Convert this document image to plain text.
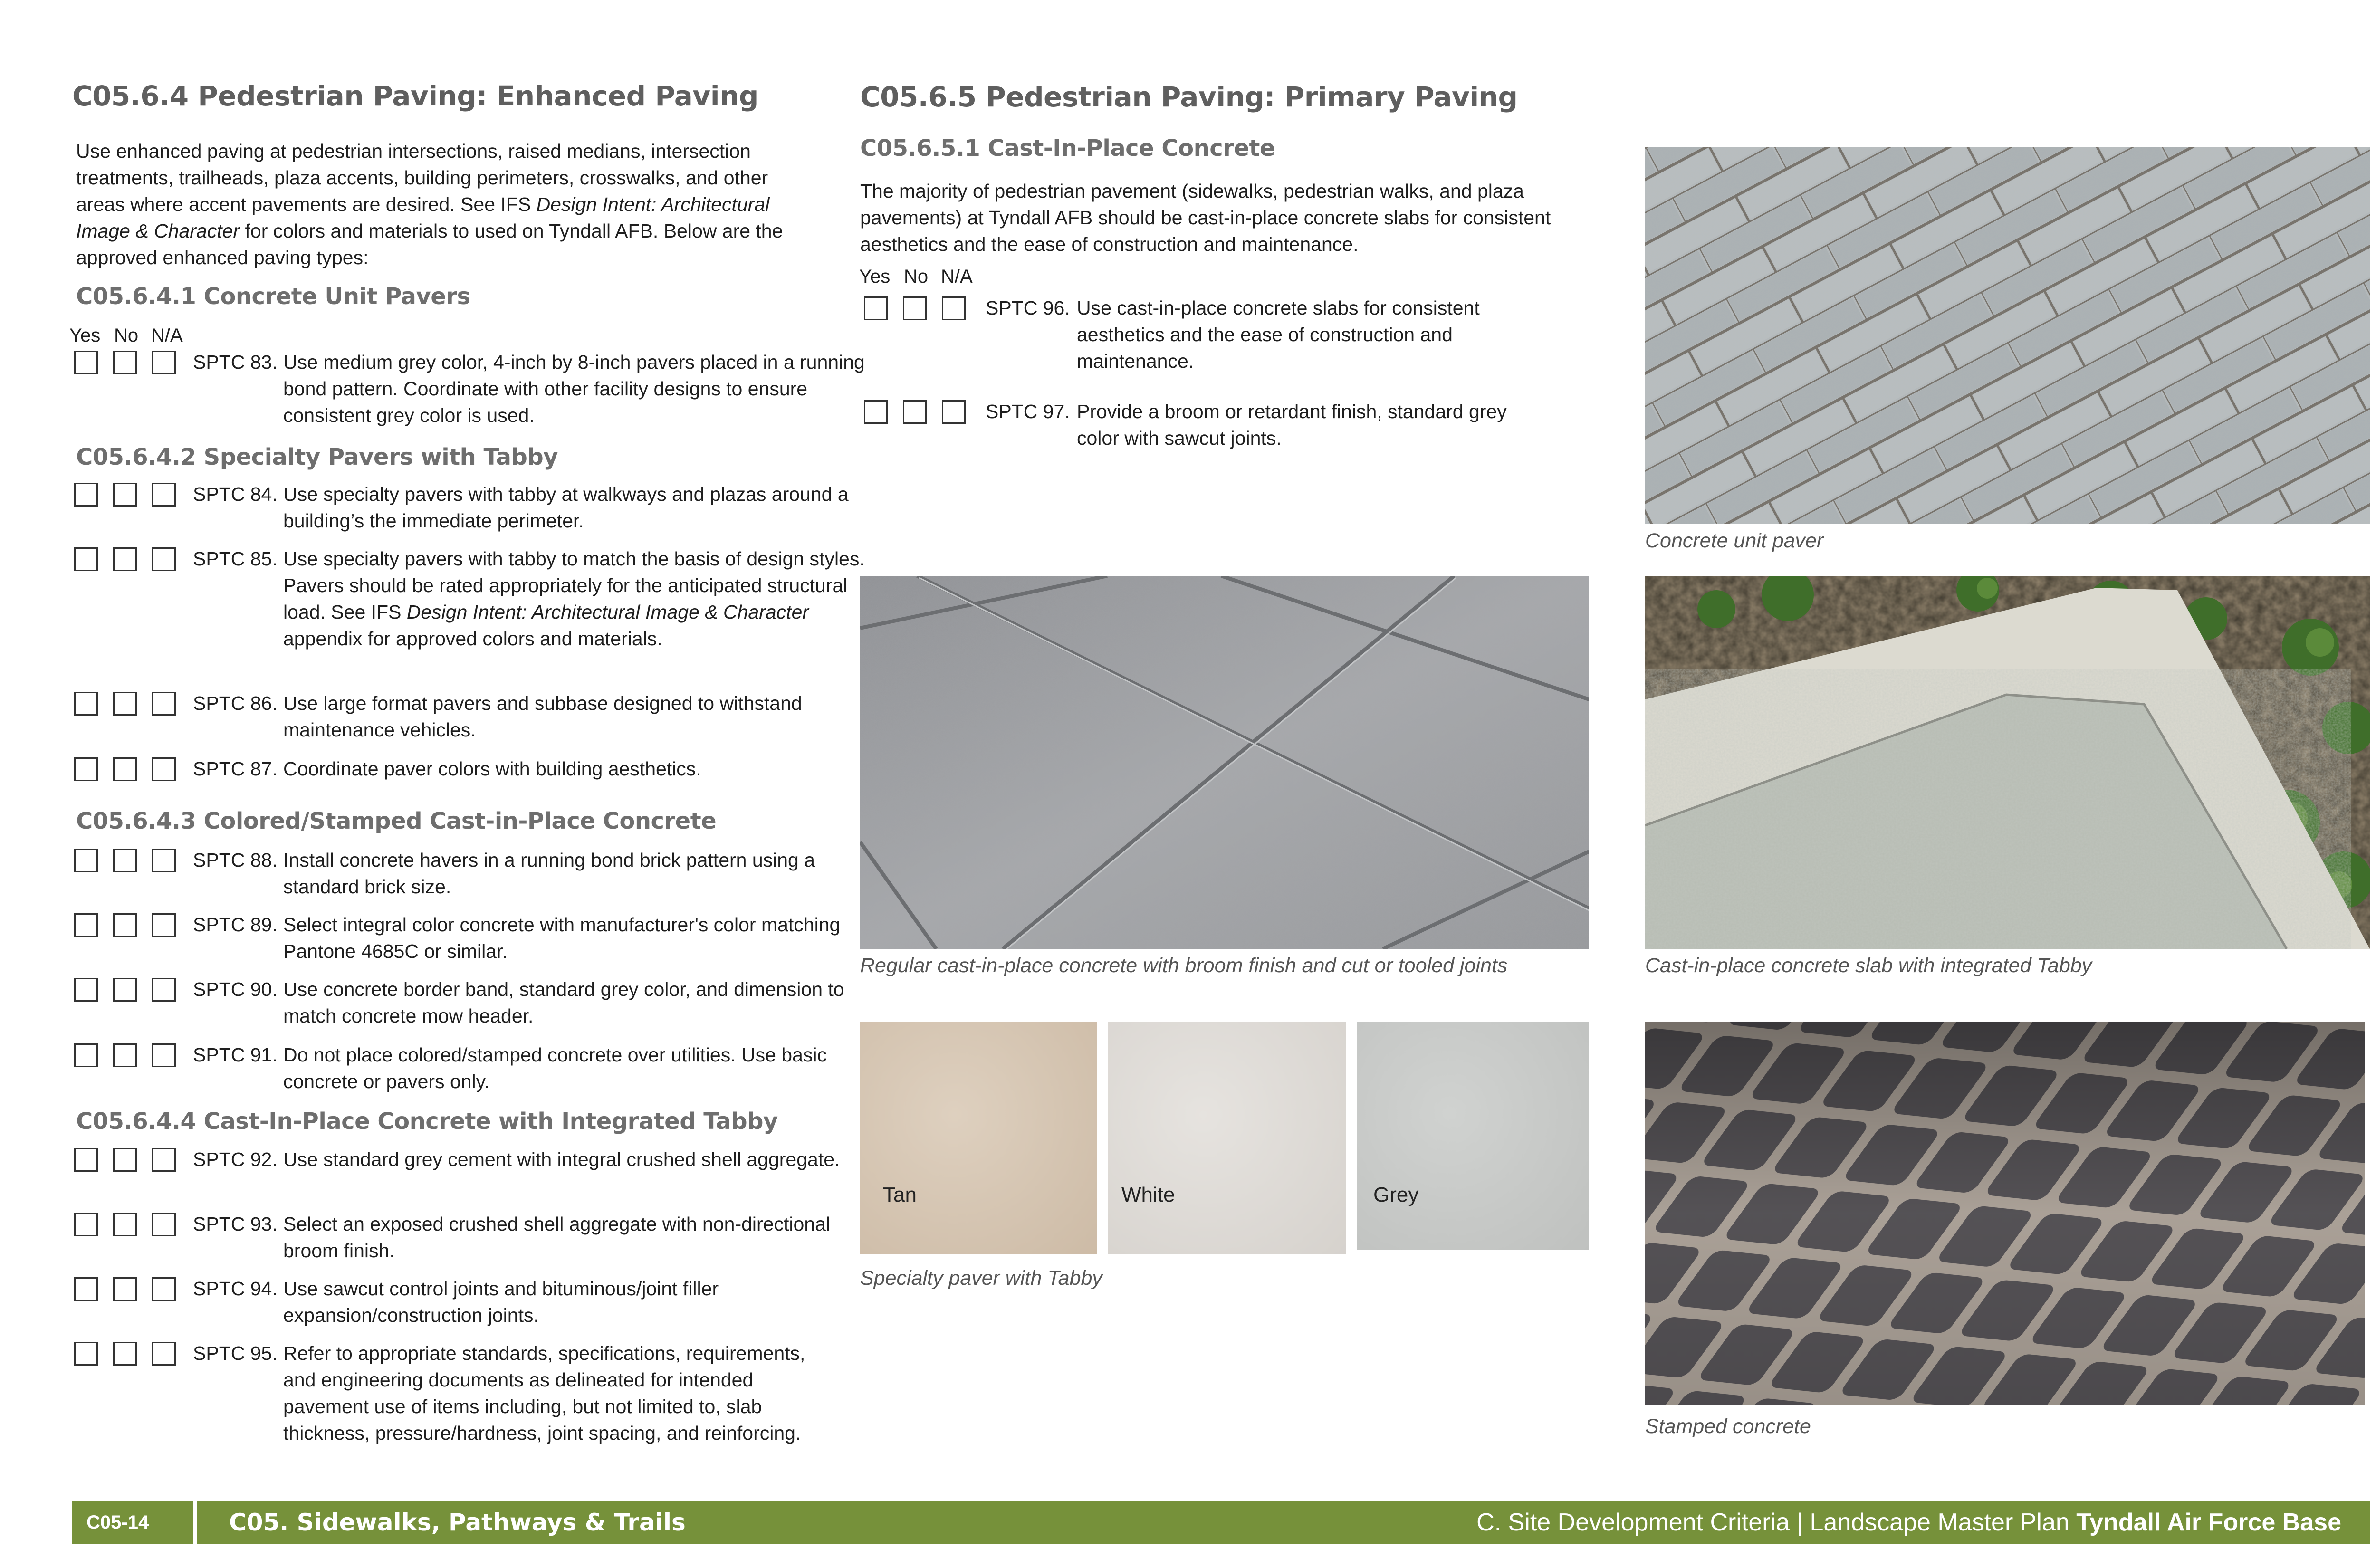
C05.6.4 Pedestrian Paving: Enhanced Paving

Use enhanced paving at pedestrian intersections, raised medians, intersection treatments, trailheads, plaza accents, building perimeters, crosswalks, and other areas where accent pavements are desired. See IFS Design Intent: Architectural Image & Character for colors and materials to used on Tyndall AFB. Below are the approved enhanced paving types:

C05.6.4.1 Concrete Unit Pavers
Yes No N/A
SPTC 83. Use medium grey color, 4-inch by 8-inch pavers placed in a running bond pattern. Coordinate with other facility designs to ensure consistent grey color is used.
C05.6.4.2 Specialty Pavers with Tabby
SPTC 84. Use specialty pavers with tabby at walkways and plazas around a building’s the immediate perimeter.
SPTC 85. Use specialty pavers with tabby to match the basis of design styles. Pavers should be rated appropriately for the anticipated structural load. See IFS Design Intent: Architectural Image & Character appendix for approved colors and materials.
SPTC 86. Use large format pavers and subbase designed to withstand maintenance vehicles.
SPTC 87. Coordinate paver colors with building aesthetics.
C05.6.4.3 Colored/Stamped Cast-in-Place Concrete
SPTC 88. Install concrete havers in a running bond brick pattern using a standard brick size.
SPTC 89. Select integral color concrete with manufacturer's color matching Pantone 4685C or similar.
SPTC 90. Use concrete border band, standard grey color, and dimension to match concrete mow header.
SPTC 91. Do not place colored/stamped concrete over utilities. Use basic concrete or pavers only.
C05.6.4.4 Cast-In-Place Concrete with Integrated Tabby
SPTC 92. Use standard grey cement with integral crushed shell aggregate.
SPTC 93. Select an exposed crushed shell aggregate with non-directional broom finish.
SPTC 94. Use sawcut control joints and bituminous/joint filler expansion/construction joints.
SPTC 95. Refer to appropriate standards, specifications, requirements, and engineering documents as delineated for intended pavement use of items including, but not limited to, slab thickness, pressure/hardness, joint spacing, and reinforcing.
C05.6.5 Pedestrian Paving: Primary Paving
C05.6.5.1 Cast-In-Place Concrete

The majority of pedestrian pavement (sidewalks, pedestrian walks, and plaza pavements) at Tyndall AFB should be cast-in-place concrete slabs for consistent aesthetics and the ease of construction and maintenance.

Yes No N/A
SPTC 96. Use cast-in-place concrete slabs for consistent aesthetics and the ease of construction and maintenance.
SPTC 97. Provide a broom or retardant finish, standard grey color with sawcut joints.
Concrete unit paver
Regular cast-in-place concrete with broom finish and cut or tooled joints	Cast-in-place concrete slab with integrated Tabby
Tan	White	Grey
Specialty paver with Tabby
Stamped concrete
C05-14	C05. Sidewalks, Pathways & Trails	C. Site Development Criteria | Landscape Master Plan Tyndall Air Force Base
